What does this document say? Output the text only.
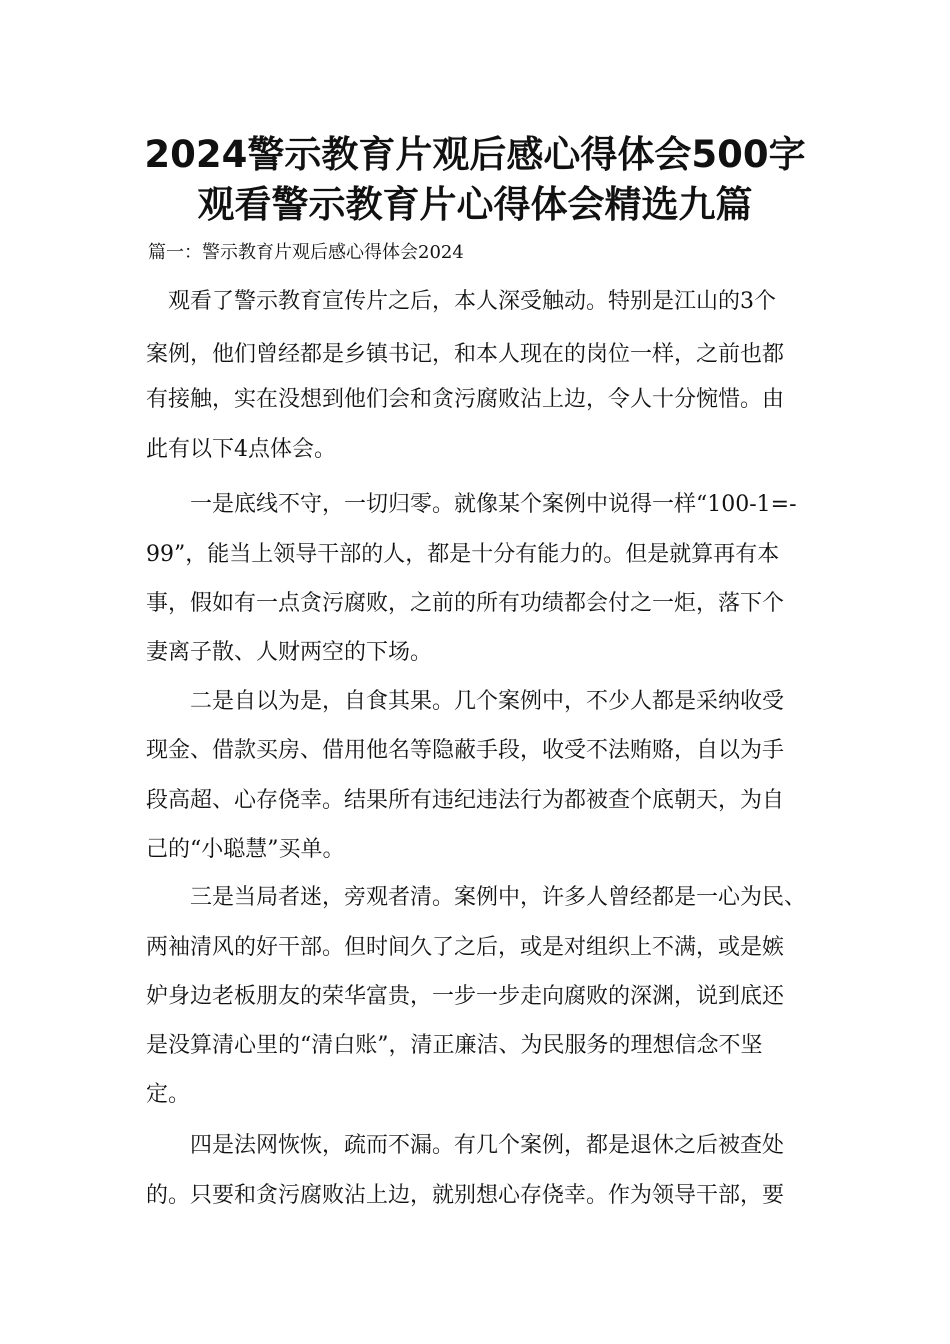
2024警示教育片观后感心得体会500字
观看警示教育片心得体会精选九篇
篇一：警示教育片观后感心得体会2024
观看了警示教育宣传片之后，本人深受触动。特别是江山的3个
案例，他们曾经都是乡镇书记，和本人现在的岗位一样，之前也都
有接触，实在没想到他们会和贪污腐败沾上边，令人十分惋惜。由
此有以下4点体会。
一是底线不守，一切归零。就像某个案例中说得一样“100-1=-
99”，能当上领导干部的人，都是十分有能力的。但是就算再有本
事，假如有一点贪污腐败，之前的所有功绩都会付之一炬，落下个
妻离子散、人财两空的下场。
二是自以为是，自食其果。几个案例中，不少人都是采纳收受
现金、借款买房、借用他名等隐蔽手段，收受不法贿赂，自以为手
段高超、心存侥幸。结果所有违纪违法行为都被查个底朝天，为自
己的“小聪慧”买单。
三是当局者迷，旁观者清。案例中，许多人曾经都是一心为民、
两袖清风的好干部。但时间久了之后，或是对组织上不满，或是嫉
妒身边老板朋友的荣华富贵，一步一步走向腐败的深渊，说到底还
是没算清心里的“清白账”，清正廉洁、为民服务的理想信念不坚
定。
四是法网恢恢，疏而不漏。有几个案例，都是退休之后被查处
的。只要和贪污腐败沾上边，就别想心存侥幸。作为领导干部，要
